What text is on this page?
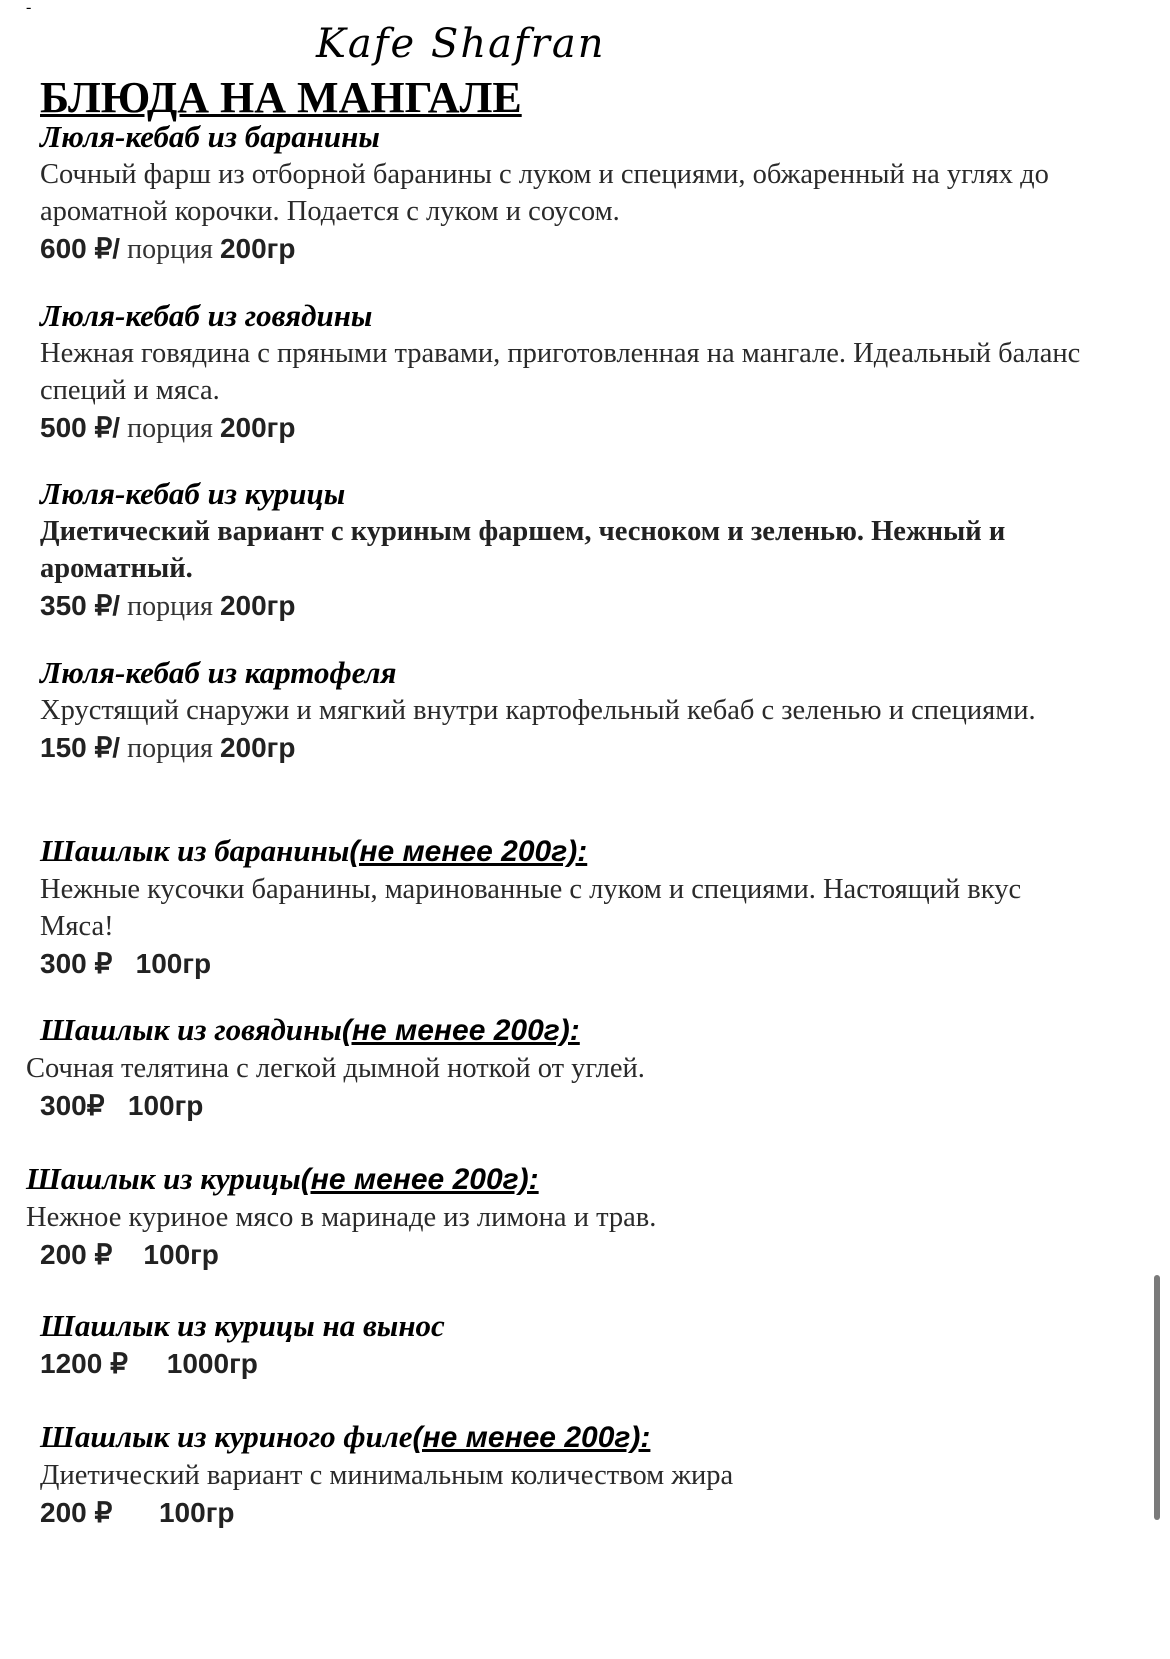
-
Kafe Shafran
БЛЮДА НА МАНГАЛЕ
Люля-кебаб из баранины
Сочный фарш из отборной баранины с луком и специями, обжаренный на углях до ароматной корочки. Подается с луком и соусом.
600 ₽/ порция 200гр
Люля-кебаб из говядины
Нежная говядина с пряными травами, приготовленная на мангале. Идеальный баланс специй и мяса.
500 ₽/ порция 200гр
Люля-кебаб из курицы
Диетический вариант с куриным фаршем, чесноком и зеленью. Нежный и ароматный.
350 ₽/ порция 200гр
Люля-кебаб из картофеля
Хрустящий снаружи и мягкий внутри картофельный кебаб с зеленью и специями.
150 ₽/ порция 200гр
Шашлык из баранины(не менее 200г):
Нежные кусочки баранины, маринованные с луком и специями. Настоящий вкус Мяса!
300 ₽   100гр
Шашлык из говядины(не менее 200г):
Сочная телятина с легкой дымной ноткой от углей.
300₽   100гр
Шашлык из курицы(не менее 200г):
Нежное куриное мясо в маринаде из лимона и трав.
200 ₽    100гр
Шашлык из курицы на вынос
1200 ₽     1000гр
Шашлык из куриного филе(не менее 200г):
Диетический вариант с минимальным количеством жира
200 ₽      100гр
